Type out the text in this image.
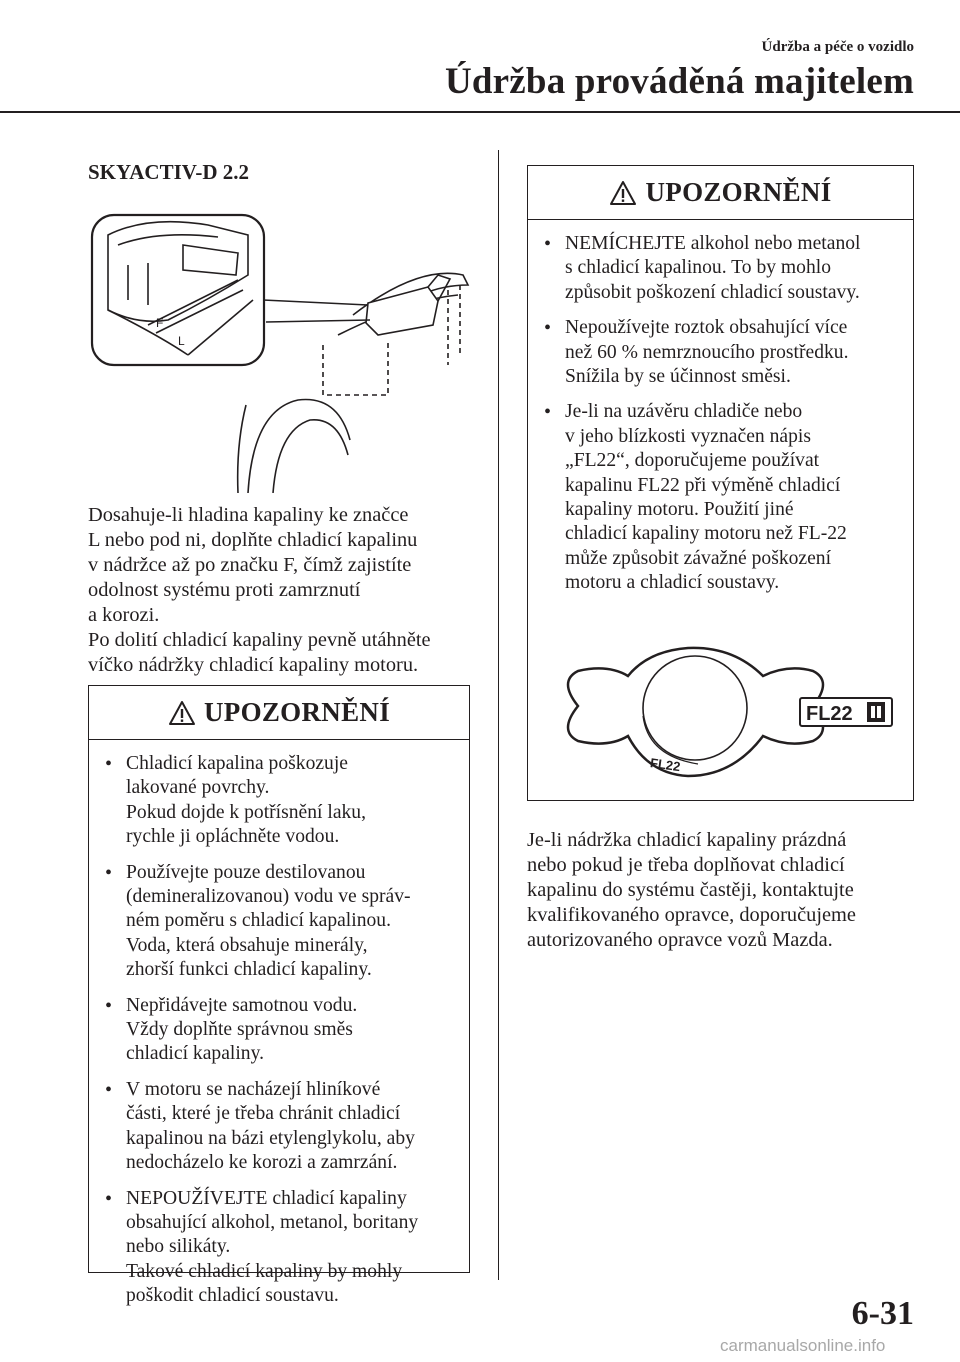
Údržba a péče o vozidlo
Údržba prováděná majitelem
SKYACTIV-D 2.2
F
L
Dosahuje-li hladina kapaliny ke značce
L nebo pod ni, doplňte chladicí kapalinu
v nádržce až po značku F, čímž zajistíte
odolnost systému proti zamrznutí
a korozi.
Po dolití chladicí kapaliny pevně utáhněte
víčko nádržky chladicí kapaliny motoru.
UPOZORNĚNÍ
• Chladicí kapalina poškozuje
lakované povrchy.
Pokud dojde k potřísnění laku,
rychle ji opláchněte vodou.
• Používejte pouze destilovanou
(demineralizovanou) vodu ve správ-
ném poměru s chladicí kapalinou.
Voda, která obsahuje minerály,
zhorší funkci chladicí kapaliny.
• Nepřidávejte samotnou vodu.
Vždy doplňte správnou směs
chladicí kapaliny.
• V motoru se nacházejí hliníkové
části, které je třeba chránit chladicí
kapalinou na bázi etylenglykolu, aby
nedocházelo ke korozi a zamrzání.
• NEPOUŽÍVEJTE chladicí kapaliny
obsahující alkohol, metanol, boritany
nebo silikáty.
Takové chladicí kapaliny by mohly
poškodit chladicí soustavu.
UPOZORNĚNÍ
• NEMÍCHEJTE alkohol nebo metanol
s chladicí kapalinou. To by mohlo
způsobit poškození chladicí soustavy.
• Nepoužívejte roztok obsahující více
než 60 % nemrznoucího prostředku.
Snížila by se účinnost směsi.
• Je-li na uzávěru chladiče nebo
v jeho blízkosti vyznačen nápis
„FL22“, doporučujeme používat
kapalinu FL22 při výměně chladicí
kapaliny motoru. Použití jiné
chladicí kapaliny motoru než FL-22
může způsobit závažné poškození
motoru a chladicí soustavy.
FL22
FL22
Je-li nádržka chladicí kapaliny prázdná
nebo pokud je třeba doplňovat chladicí
kapalinu do systému častěji, kontaktujte
kvalifikovaného opravce, doporučujeme
autorizovaného opravce vozů Mazda.
6-31
carmanualsonline.info
